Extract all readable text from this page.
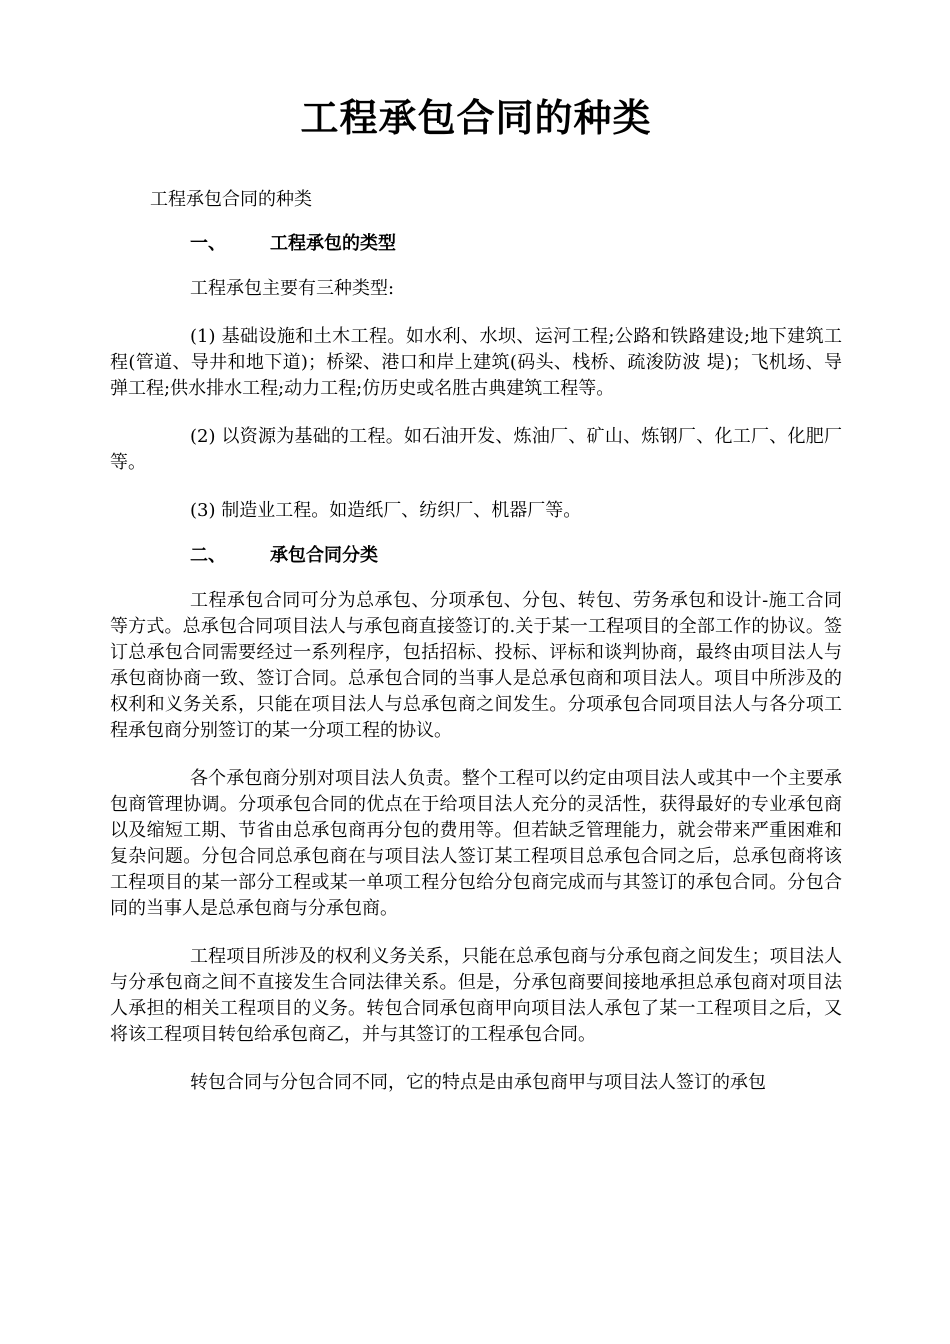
工程承包合同的种类
工程承包合同的种类
一、	工程承包的类型

工程承包主要有三种类型:

(1) 基础设施和土木工程。如水利、水坝、运河工程;公路和铁路建设;地下建筑工程(管道、导井和地下道)；桥梁、港口和岸上建筑(码头、栈桥、疏浚防波 堤)；飞机场、导弹工程;供水排水工程;动力工程;仿历史或名胜古典建筑工程等。

(2) 以资源为基础的工程。如石油开发、炼油厂、矿山、炼钢厂、化工厂、化肥厂等。

(3) 制造业工程。如造纸厂、纺织厂、机器厂等。

二、	承包合同分类

工程承包合同可分为总承包、分项承包、分包、转包、劳务承包和设计-施工合同等方式。总承包合同项目法人与承包商直接签订的.关于某一工程项目的全部工作的协议。签订总承包合同需要经过一系列程序，包括招标、投标、评标和谈判协商，最终由项目法人与承包商协商一致、签订合同。总承包合同的当事人是总承包商和项目法人。项目中所涉及的权利和义务关系，只能在项目法人与总承包商之间发生。分项承包合同项目法人与各分项工程承包商分别签订的某一分项工程的协议。

各个承包商分别对项目法人负责。整个工程可以约定由项目法人或其中一个主要承包商管理协调。分项承包合同的优点在于给项目法人充分的灵活性，获得最好的专业承包商以及缩短工期、节省由总承包商再分包的费用等。但若缺乏管理能力，就会带来严重困难和复杂问题。分包合同总承包商在与项目法人签订某工程项目总承包合同之后，总承包商将该工程项目的某一部分工程或某一单项工程分包给分包商完成而与其签订的承包合同。分包合同的当事人是总承包商与分承包商。

工程项目所涉及的权利义务关系，只能在总承包商与分承包商之间发生；项目法人与分承包商之间不直接发生合同法律关系。但是，分承包商要间接地承担总承包商对项目法人承担的相关工程项目的义务。转包合同承包商甲向项目法人承包了某一工程项目之后，又将该工程项目转包给承包商乙，并与其签订的工程承包合同。

转包合同与分包合同不同，它的特点是由承包商甲与项目法人签订的承包
